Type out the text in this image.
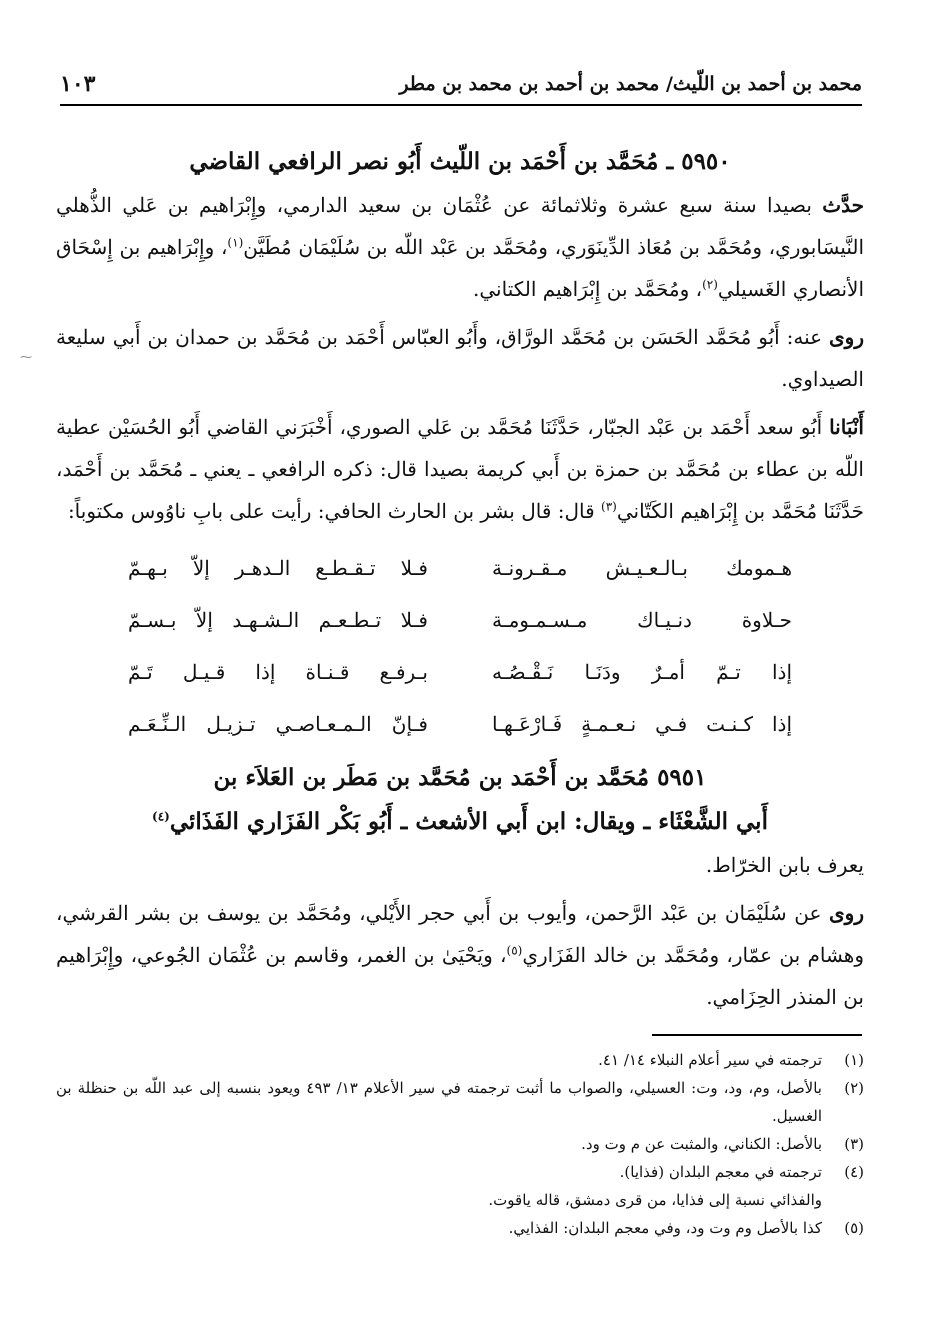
محمد بن أحمد بن اللّيث/ محمد بن أحمد بن محمد بن مطر
١٠٣
⁓
٥٩٥٠ ـ مُحَمَّد بن أَحْمَد بن اللّيث أَبُو نصر الرافعي القاضي

حدَّث بصيدا سنة سبع عشرة وثلاثمائة عن عُثْمَان بن سعيد الدارمي، وإِبْرَاهيم بن عَلي الذُّهلي النَّيسَابوري، ومُحَمَّد بن مُعَاذ الدِّينَوَري، ومُحَمَّد بن عَبْد اللّه بن سُلَيْمَان مُطَيَّن$^{(١)}$، وإِبْرَاهيم بن إِسْحَاق الأنصاري الغَسيلي$^{(٢)}$، ومُحَمَّد بن إِبْرَاهيم الكتاني.

روى عنه: أَبُو مُحَمَّد الحَسَن بن مُحَمَّد الورَّاق، وأَبُو العبّاس أَحْمَد بن مُحَمَّد بن حمدان بن أَبي سليعة الصيداوي.

أَنْبَانا أَبُو سعد أَحْمَد بن عَبْد الجبّار، حَدَّثَنَا مُحَمَّد بن عَلي الصوري، أَخْبَرَني القاضي أَبُو الحُسَيْن عطية اللّه بن عطاء بن مُحَمَّد بن حمزة بن أَبي كريمة بصيدا قال: ذكره الرافعي ـ يعني ـ مُحَمَّد بن أَحْمَد، حَدَّثَنَا مُحَمَّد بن إِبْرَاهيم الكَتّاني$^{(٣)}$ قال: قال بشر بن الحارث الحافي: رأيت على بابِ ناوُوس مكتوباً:

هـمومك بـالـعـيـش مـقـرونـة
فـلا تـقـطـع الـدهـر إلاّ بـهـمّ
حـلاوة دنـيـاك مـسـمـومـة
فـلا تـطـعـم الـشـهـد إلاّ بـسـمّ
إذا تـمّ أمـرٌ ودَنَـا نَـقْـصُـه
بـرفـع قـنـاة إذا قـيـل تَـمّ
إذا كـنـت فـي نـعـمـةٍ فَـارْعَـهـا
فـإنّ الـمـعـاصـي تـزيـل الـنِّـعَـم
٥٩٥١ مُحَمَّد بن أَحْمَد بن مُحَمَّد بن مَطَر بن العَلاَء بن
أَبي الشَّعْثَاء ـ ويقال: ابن أَبي الأشعث ـ أَبُو بَكْر الفَزَاري الفَذَائي$^{(٤)}$

يعرف بابن الخرّاط.

روى عن سُلَيْمَان بن عَبْد الرَّحمن، وأيوب بن أَبي حجر الأَيْلي، ومُحَمَّد بن يوسف بن بشر القرشي، وهشام بن عمّار، ومُحَمَّد بن خالد الفَزَاري$^{(٥)}$، ويَحْيَىٰ بن الغمر، وقاسم بن عُثْمَان الجُوعي، وإِبْرَاهيم بن المنذر الحِزَامي.

(١)
ترجمته في سير أعلام النبلاء ١٤/ ٤١.
(٢)
بالأصل، وم، ود، وت: العسيلي، والصواب ما أثبت ترجمته في سير الأعلام ١٣/ ٤٩٣ ويعود بنسبه إلى عبد اللّه بن حنظلة بن الغسيل.
(٣)
بالأصل: الكناني، والمثبت عن م وت ود.
(٤)
ترجمته في معجم البلدان (فذايا).
والفذائي نسبة إلى فذايا، من قرى دمشق، قاله ياقوت.
(٥)
كذا بالأصل وم وت ود، وفي معجم البلدان: الفذايي.
